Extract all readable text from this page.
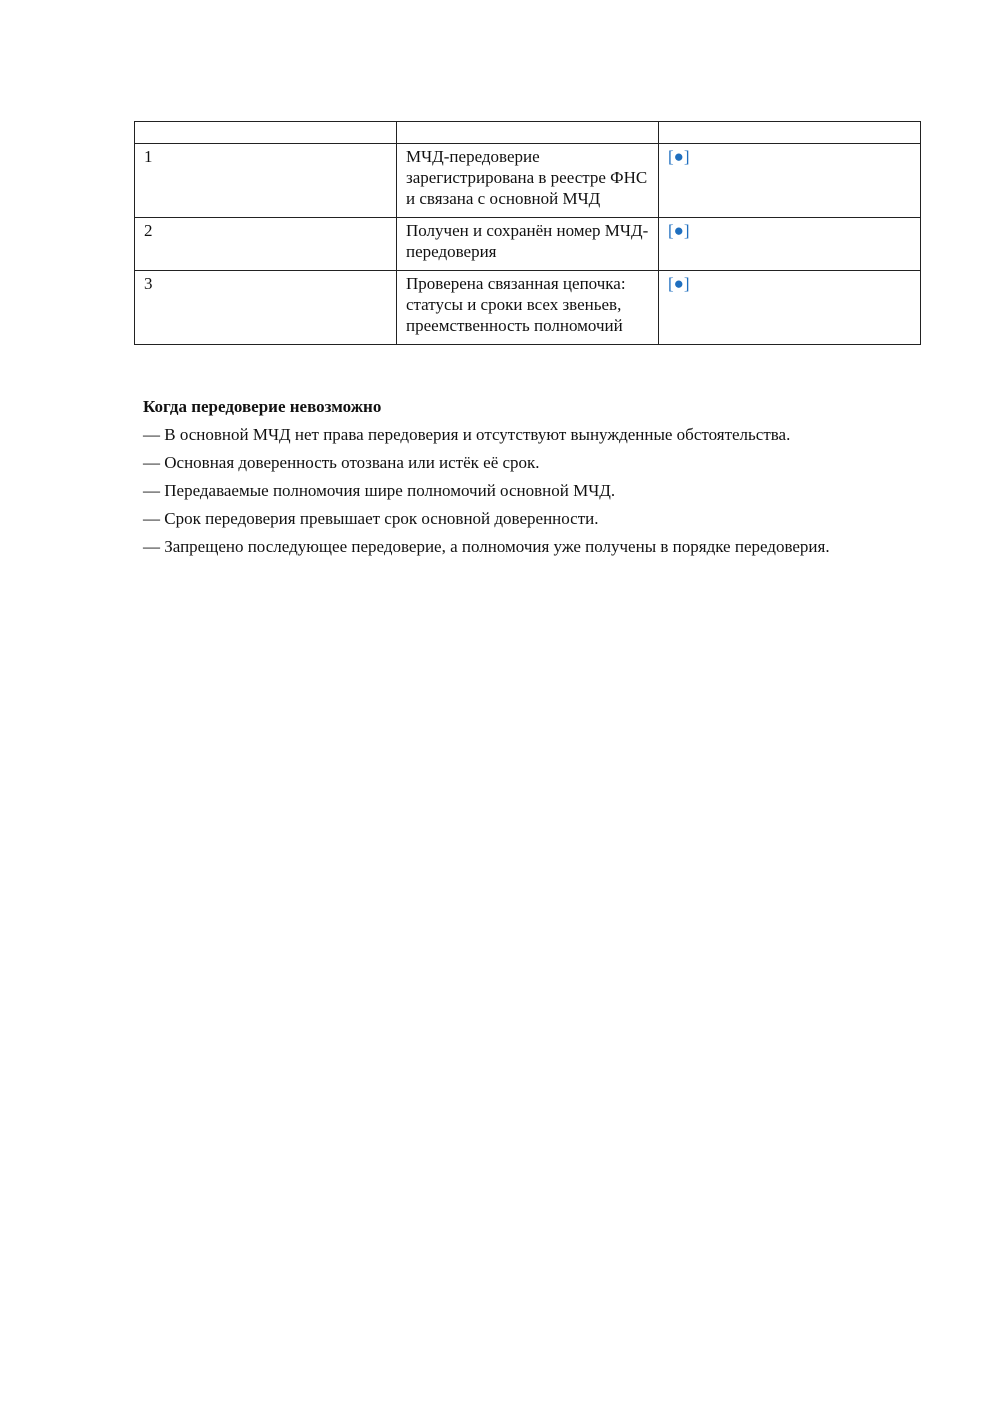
1	МЧД-передоверие зарегистрирована в реестре ФНС и связана с основной МЧД	[●]
2	Получен и сохранён номер МЧД-передоверия	[●]
3	Проверена связанная цепочка: статусы и сроки всех звеньев, преемственность полномочий	[●]
Когда передоверие невозможно
— В основной МЧД нет права передоверия и отсутствуют вынужденные обстоятельства.
— Основная доверенность отозвана или истёк её срок.
— Передаваемые полномочия шире полномочий основной МЧД.
— Срок передоверия превышает срок основной доверенности.
— Запрещено последующее передоверие, а полномочия уже получены в порядке передоверия.
